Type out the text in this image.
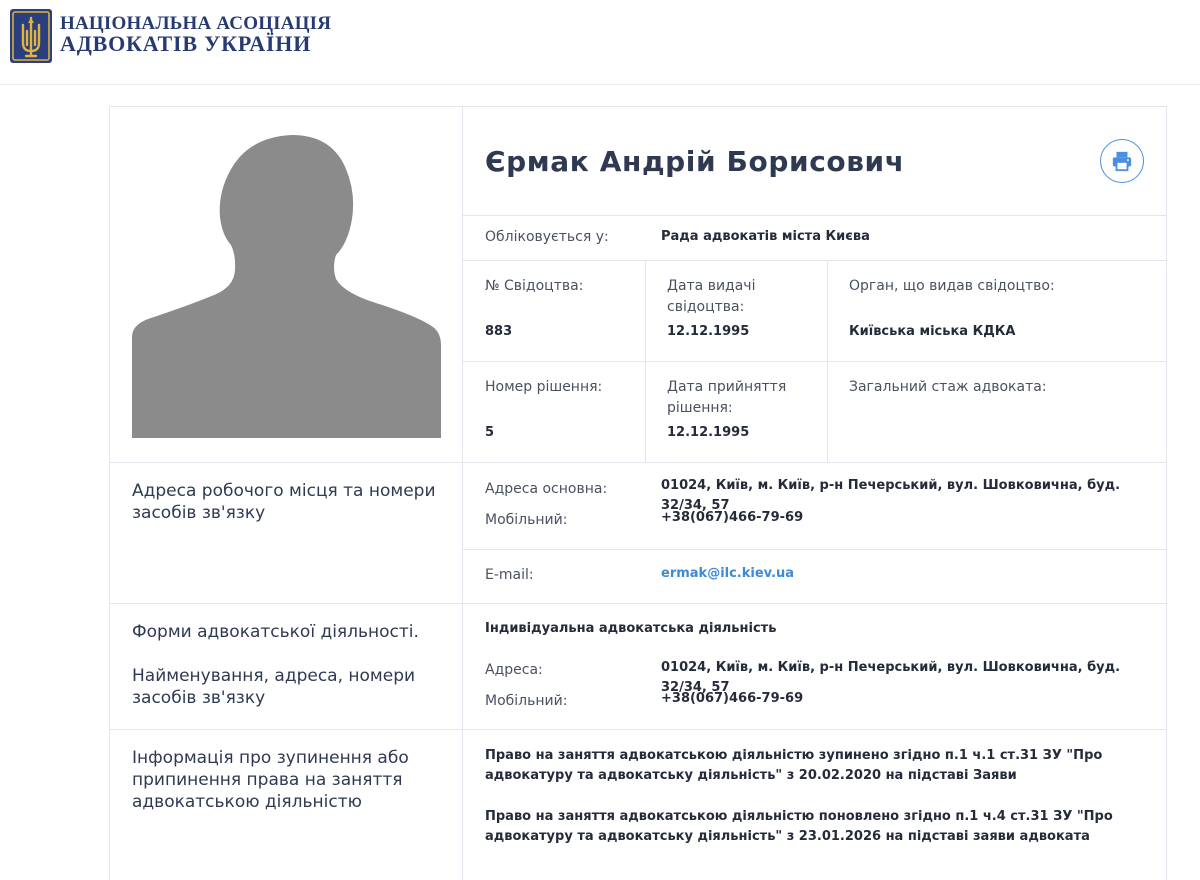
НАЦІОНАЛЬНА АСОЦІАЦІЯ
АДВОКАТІВ УКРАЇНИ
Єрмак Андрій Борисович
Обліковується у:	Рада адвокатів міста Києва
№ Свідоцтва:
883
Дата видачі свідоцтва:
12.12.1995
Орган, що видав свідоцтво:
Київська міська КДКА
Номер рішення:
5
Дата прийняття рішення:
12.12.1995
Загальний стаж адвоката:
Адреса робочого місця та номери засобів зв'язку
Адреса основна:	01024, Київ, м. Київ, р-н Печерський, вул. Шовковична, буд. 32/34, 57
Мобільний:	+38(067)466-79-69
E-mail:	ermak@ilc.kiev.ua
Форми адвокатської діяльності.
Найменування, адреса, номери засобів зв'язку
Індивідуальна адвокатська діяльність
Адреса:	01024, Київ, м. Київ, р-н Печерський, вул. Шовковична, буд. 32/34, 57
Мобільний:	+38(067)466-79-69
Інформація про зупинення або припинення права на заняття адвокатською діяльністю
Право на заняття адвокатською діяльністю зупинено згідно п.1 ч.1 ст.31 ЗУ "Про адвокатуру та адвокатську діяльність" з 20.02.2020 на підставі Заяви
Право на заняття адвокатською діяльністю поновлено згідно п.1 ч.4 ст.31 ЗУ "Про адвокатуру та адвокатську діяльність" з 23.01.2026 на підставі заяви адвоката
